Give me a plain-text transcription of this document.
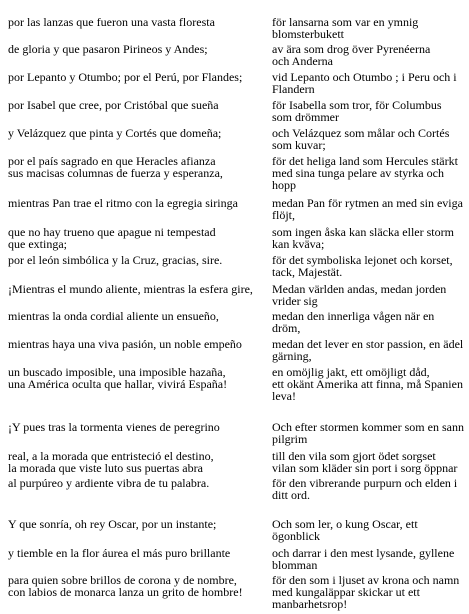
por las lanzas que fueron una vasta floresta

de gloria y que pasaron Pirineos y Andes;

por Lepanto y Otumbo; por el Perú, por Flandes;

por Isabel que cree, por Cristóbal que sueña

y Velázquez que pinta y Cortés que domeña;

por el país sagrado en que Heracles afianza

sus macisas columnas de fuerza y esperanza,

mientras Pan trae el ritmo con la egregia siringa

que no hay trueno que apague ni tempestad

que extinga;

por el león simbólica y la Cruz, gracias, sire.

¡Mientras el mundo aliente, mientras la esfera gire,

mientras la onda cordial aliente un ensueño,

mientras haya una viva pasión, un noble empeño

un buscado imposible, una imposible hazaña,

una América oculta que hallar, vivirá España!

¡Y pues tras la tormenta vienes de peregrino

real, a la morada que entristeció el destino,

la morada que viste luto sus puertas abra

al purpúreo y ardiente vibra de tu palabra.

Y que sonría, oh rey Oscar, por un instante;

y tiemble en la flor áurea el más puro brillante

para quien sobre brillos de corona y de nombre,

con labios de monarca lanza un grito de hombre!

för lansarna som var en ymnig

blomsterbukett

av ära som drog över Pyrenéerna

och Anderna

vid Lepanto och Otumbo ; i Peru och i

Flandern

för Isabella som tror, för Columbus

som drömmer

och Velázquez som målar och Cortés

som kuvar;

för det heliga land som Hercules stärkt

med sina tunga pelare av styrka och

hopp

medan Pan för rytmen an med sin eviga

flöjt,

som ingen åska kan släcka eller storm

kan kväva;

för det symboliska lejonet och korset,

tack, Majestät.

Medan världen andas, medan jorden

vrider sig

medan den innerliga vågen när en

dröm,

medan det lever en stor passion, en ädel

gärning,

en omöjlig jakt, ett omöjligt dåd,

ett okänt Amerika att finna, må Spanien

leva!

Och efter stormen kommer som en sann

pilgrim

till den vila som gjort ödet sorgset

vilan som kläder sin port i sorg öppnar

för den vibrerande purpurn och elden i

ditt ord.

Och som ler, o kung Oscar, ett

ögonblick

och darrar i den mest lysande, gyllene

blomman

för den som i ljuset av krona och namn

med kungaläppar skickar ut ett

manbarhetsrop!
